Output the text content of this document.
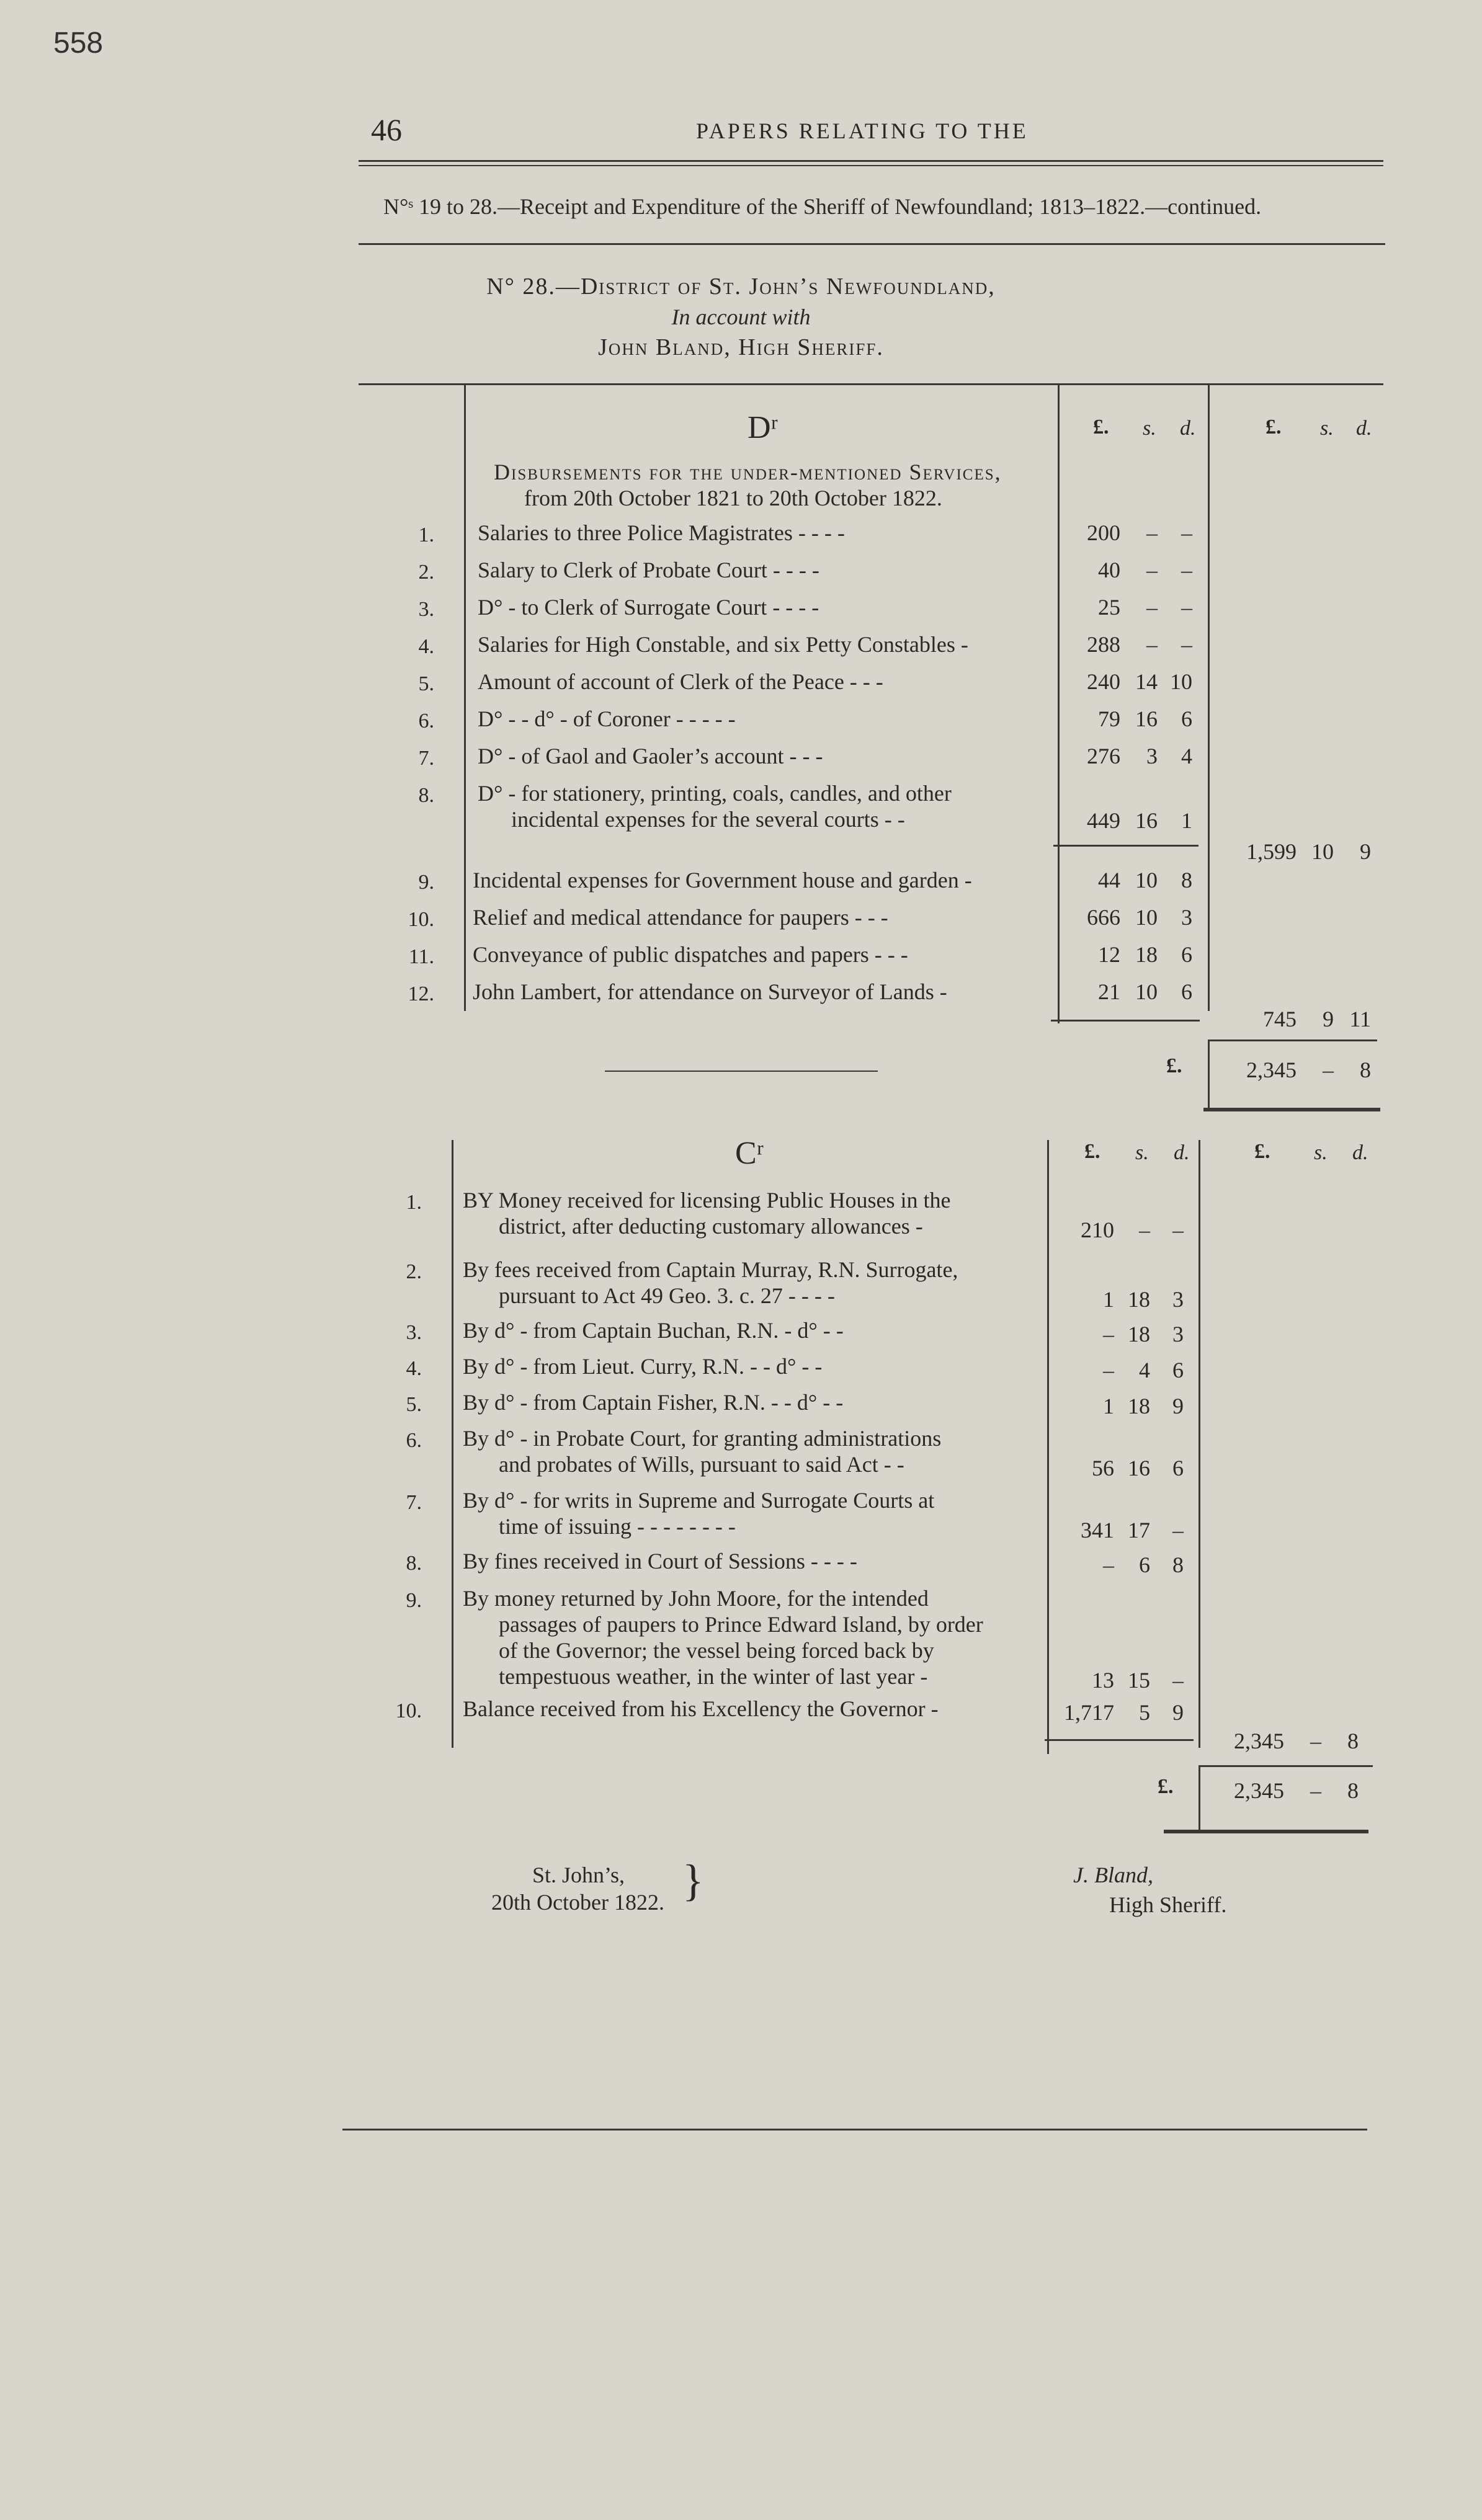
558
46	PAPERS RELATING TO THE
N°ˢ 19 to 28.—Receipt and Expenditure of the Sheriff of Newfoundland; 1813–1822.—continued.
N° 28.—District of St. John’s Newfoundland,
In account with
John Bland, High Sheriff.
Dʳ	£. s. d.	£. s. d.
Disbursements for the under-mentioned Services,
from 20th October 1821 to 20th October 1822.
1. Salaries to three Police Magistrates - - - -	200	–	–
2. Salary to Clerk of Probate Court - - - -	40	–	–
3. D° - to Clerk of Surrogate Court - - - -	25	–	–
4. Salaries for High Constable, and six Petty Constables -	288	–	–
5. Amount of account of Clerk of the Peace - - -	240 14 10
6. D° - - d° - of Coroner - - - - -	79 16	6
7. D° - of Gaol and Gaoler’s account - - -	276	3	4
8. D° - for stationery, printing, coals, candles, and other
incidental expenses for the several courts - -	449 16	1
9. Incidental expenses for Government house and garden -	44 10	8
10. Relief and medical attendance for paupers - - -	666 10	3
11. Conveyance of public dispatches and papers - - -	12 18	6
12. John Lambert, for attendance on Surveyor of Lands -	21 10	6
1,599 10	9
745	9 11
£.	2,345	–	8
Cʳ	£. s. d.	£. s. d.
1. BY Money received for licensing Public Houses in the
district, after deducting customary allowances -	210	–	–
2. By fees received from Captain Murray, R.N. Surrogate,
pursuant to Act 49 Geo. 3. c. 27 - - - -	1 18	3
3. By d° - from Captain Buchan, R.N. - d° - -	– 18	3
4. By d° - from Lieut. Curry, R.N. - - d° - -	–	4	6
5. By d° - from Captain Fisher, R.N. - - d° - -	1 18	9
6. By d° - in Probate Court, for granting administrations
and probates of Wills, pursuant to said Act - -	56 16	6
7. By d° - for writs in Supreme and Surrogate Courts at
time of issuing - - - - - - - -	341 17	–
8. By fines received in Court of Sessions - - - -	–	6	8
9. By money returned by John Moore, for the intended
passages of paupers to Prince Edward Island, by order
of the Governor; the vessel being forced back by
tempestuous weather, in the winter of last year -	13 15	–
10. Balance received from his Excellency the Governor -	1,717	5	9
2,345	–	8
£.	2,345	–	8
St. John’s,
20th October 1822. }	J. Bland,
High Sheriff.
